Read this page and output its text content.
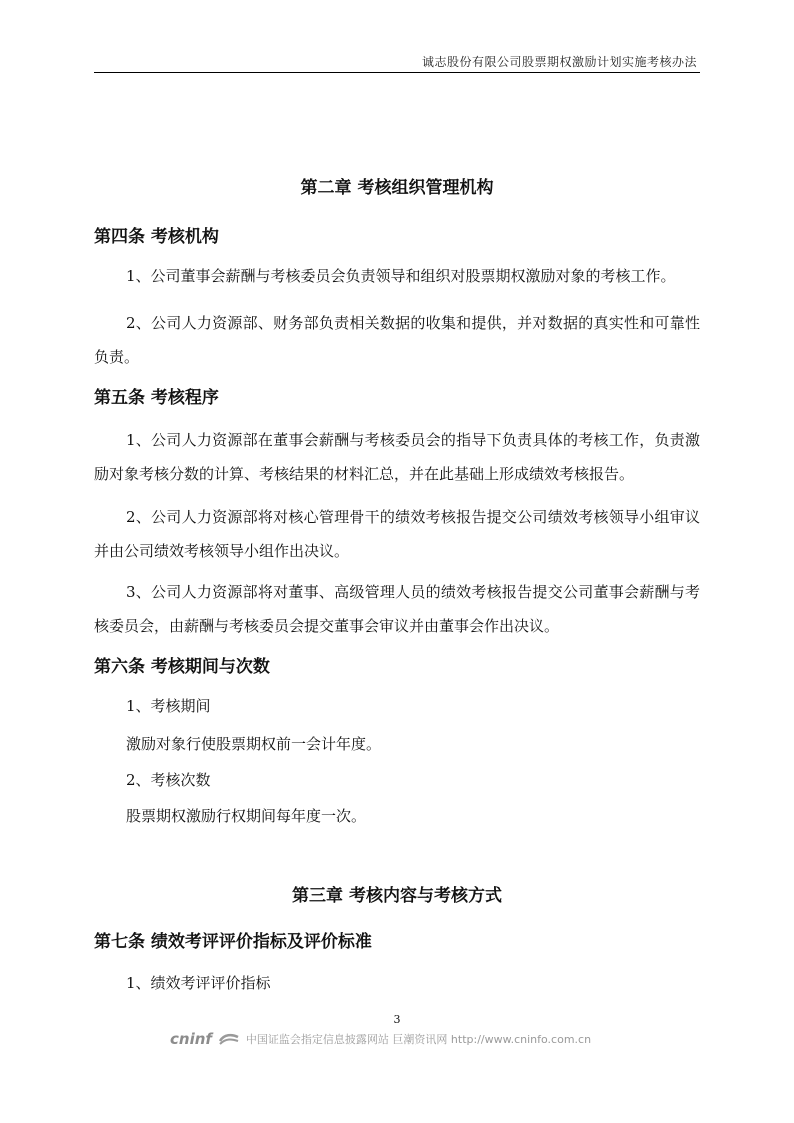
诚志股份有限公司股票期权激励计划实施考核办法
第二章 考核组织管理机构
第四条 考核机构

1、公司董事会薪酬与考核委员会负责领导和组织对股票期权激励对象的考核工作。

2、公司人力资源部、财务部负责相关数据的收集和提供，并对数据的真实性和可靠性负责。

第五条 考核程序

1、公司人力资源部在董事会薪酬与考核委员会的指导下负责具体的考核工作，负责激励对象考核分数的计算、考核结果的材料汇总，并在此基础上形成绩效考核报告。

2、公司人力资源部将对核心管理骨干的绩效考核报告提交公司绩效考核领导小组审议并由公司绩效考核领导小组作出决议。

3、公司人力资源部将对董事、高级管理人员的绩效考核报告提交公司董事会薪酬与考核委员会，由薪酬与考核委员会提交董事会审议并由董事会作出决议。

第六条 考核期间与次数
1、考核期间
激励对象行使股票期权前一会计年度。
2、考核次数
股票期权激励行权期间每年度一次。
第三章 考核内容与考核方式
第七条 绩效考评评价指标及评价标准
1、绩效考评评价指标
3
cninf	中国证监会指定信息披露网站 巨潮资讯网 http://www.cninfo.com.cn
